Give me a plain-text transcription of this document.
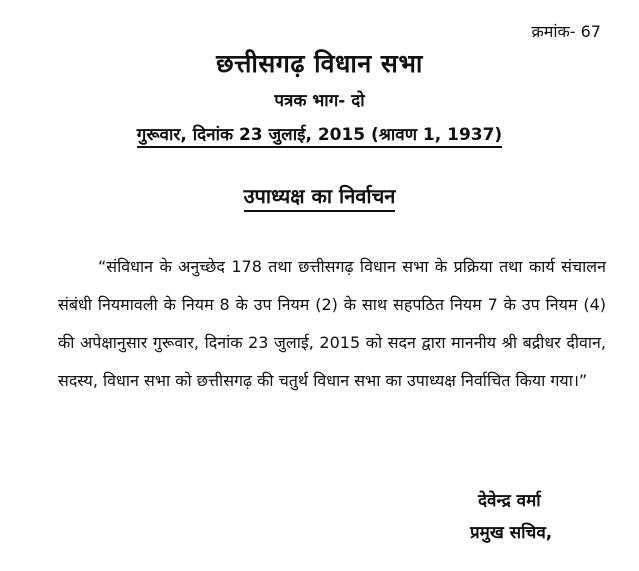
क्रमांक- 67
छत्तीसगढ़ विधान सभा
पत्रक भाग- दो
गुरूवार, दिनांक 23 जुलाई, 2015 (श्रावण 1, 1937)
उपाध्यक्ष का निर्वाचन
“संविधान के अनुच्छेद 178 तथा छत्तीसगढ़ विधान सभा के प्रक्रिया तथा कार्य संचालन संबंधी नियमावली के नियम 8 के उप नियम (2) के साथ सहपठित नियम 7 के उप नियम (4) की अपेक्षानुसार गुरूवार, दिनांक 23 जुलाई, 2015 को सदन द्वारा माननीय श्री बद्रीधर दीवान, सदस्य, विधान सभा को छत्तीसगढ़ की चतुर्थ विधान सभा का उपाध्यक्ष निर्वाचित किया गया।”
देवेन्द्र वर्मा
प्रमुख सचिव,
